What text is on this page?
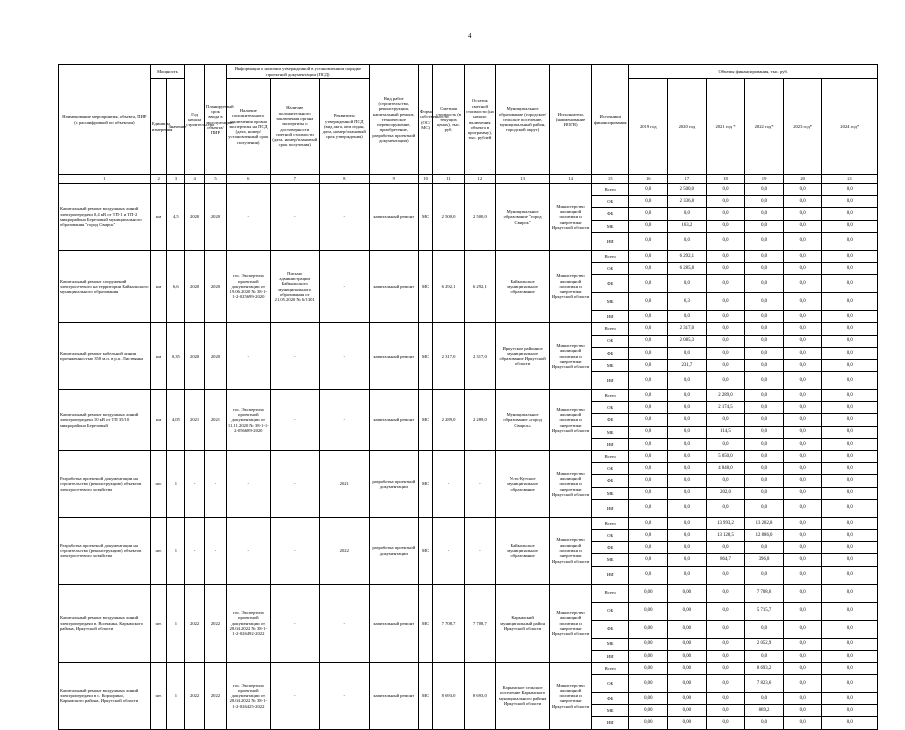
4
Наименование мероприятия, объекта, ПИР (с расшифровкой по объектам)	Мощность		Год начала строительства	Планируемый срок ввода в эксплуатацию объекта/ПИР	Информация о наличии утвержденной в установленном порядке проектной документации (ПСД)			Вид работ (строительство, реконструкция, капитальный ремонт, техническое перевооружение, приобретение, разработка проектной документации)	Форма собственности (ОС/МС)	Сметная стоимость (в текущих ценах), тыс. руб.	Остаток сметной стоимости (на начало включения объекта в программу), тыс. рублей	Муниципальное образование (городское/сельское поселение, муниципальный район, городской округ)	Исполнитель (наименование ИОГВ)	Источники финансирования	Объемы финансирования, тыс. руб.					
	Единицы измерения	Значение			Наличие положительного заключения органа экспертизы на ПСД (дата, номер/установленный срок получения)	Наличие положительного заключения органа экспертизы о достоверности сметной стоимости (дата, номер/плановый срок получения)	Реквизиты утвержденной ПСД (вид акта, кем издан, дата, номер/плановый срок утверждения)								2019 год	2020 год	2021 год *	2022 год*	2023 год*	2024 год*

1	2	3	4	5	6	7	8	9	10	11	12	13	14	15	16	17	18	19	20	21
Капитальный ремонт воздушных линий электропередачи 0,4 кВ от ТП-1 и ТП-2 микрорайона Березовый муниципального образования "город Свирск"	км	4,5	2020	2020	-	-	-	капитальный ремонт	МС	2 500,0	2 500,0	Муниципальное образование "город Свирск"	Министерство жилищной политики и энергетики Иркутской области	Всего	0,0	2 500,0	0,0	0,0	0,0	0,0
														ОБ	0,0	2 336,8	0,0	0,0	0,0	0,0
														ФБ	0,0	0,0	0,0	0,0	0,0	0,0
														МБ	0,0	163,2	0,0	0,0	0,0	0,0
														ИИ	0,0	0,0	0,0	0,0	0,0	0,0
Капитальный ремонт сооружений электросетевого на территории Байкальского муниципального образования	км	6,6	2020	2020	гос. Экспертиза проектной документации от 19.06.2020 № 38-1-1-2-025699-2020	Письмо администрации Байкальского муниципального образования от 21.05.2020 № 6/1301	-	капитальный ремонт	МС	6 292,1	6 292,1	Байкальское муниципальное образование	Министерство жилищной политики и энергетики Иркутской области	Всего	0,0	6 292,1	0,0	0,0	0,0	0,0
														ОБ	0,0	6 285,8	0,0	0,0	0,0	0,0
														ФБ	0,0	0,0	0,0	0,0	0,0	0,0
														МБ	0,0	6,3	0,0	0,0	0,0	0,0
														ИИ	0,0	0,0	0,0	0,0	0,0	0,0
Капитальный ремонт кабельной линии протяженностью 350 м.п. в р.п. Листвянка	км	0,35	2020	2020	-	-	-	капитальный ремонт	МС	2 317,0	2 317,0	Иркутское районное муниципальное образование Иркутской области	Министерство жилищной политики и энергетики Иркутской области	Всего	0,0	2 317,0	0,0	0,0	0,0	0,0
														ОБ	0,0	2 085,3	0,0	0,0	0,0	0,0
														ФБ	0,0	0,0	0,0	0,0	0,0	0,0
														МБ	0,0	231,7	0,0	0,0	0,0	0,0
														ИИ	0,0	0,0	0,0	0,0	0,0	0,0
Капитальный ремонт воздушных линий электропередачи 10 кВ от ТП 35/10 микрорайона Березовый	км	4,05	2021	2021	гос. Экспертиза проектной документации от 11.11.2020 № 38-1-1-2-056689-2020	-	-	капитальный ремонт	МС	2 289,0	2 289,0	Муниципальное образование «город Свирск»	Министерство жилищной политики и энергетики Иркутской области	Всего	0,0	0,0	2 289,0	0,0	0,0	0,0
														ОБ	0,0	0,0	2 174,5	0,0	0,0	0,0
														ФБ	0,0	0,0	0,0	0,0	0,0	0,0
														МБ	0,0	0,0	114,5	0,0	0,0	0,0
														ИИ	0,0	0,0	0,0	0,0	0,0	0,0
Разработка проектной документации на строительство (реконструкцию) объектов электросетевого хозяйства	шт.	1	-	-	-	-	2021	разработка проектной документации	МС	-	-	Усть-Кутское муниципальное образование	Министерство жилищной политики и энергетики Иркутской области	Всего	0,0	0,0	5 050,0	0,0	0,0	0,0
														ОБ	0,0	0,0	4 848,0	0,0	0,0	0,0
														ФБ	0,0	0,0	0,0	0,0	0,0	0,0
														МБ	0,0	0,0	202,0	0,0	0,0	0,0
														ИИ	0,0	0,0	0,0	0,0	0,0	0,0
Разработка проектной документации на строительство (реконструкцию) объектов электросетевого хозяйства	шт.	1	-	-	-	-	2022	разработка проектной документации	МС	-	-	Байкальское муниципальное образование	Министерство жилищной политики и энергетики Иркутской области	Всего	0,0	0,0	13 993,2	13 282,8	0,0	0,0
														ОБ	0,0	0,0	13 128,5	12 886,0	0,0	0,0
														ФБ	0,0	0,0	0,0	0,0	0,0	0,0
														МБ	0,0	0,0	864,7	396,8	0,0	0,0
														ИИ	0,0	0,0	0,0	0,0	0,0	0,0
Капитальный ремонт воздушных линий электропередачи в. Волчанка, Карымского района, Иркутской области	шт.	1	2022	2022	гос. Экспертиза проектной документации от 28.04.2022 № 38-1-1-2-026492-2022	-	-	капитальный ремонт	МС	7 708,7	7 708,7	Карымский муниципальный район Иркутской области	Министерство жилищной политики и энергетики Иркутской области	Всего	0,00	0,00	0,0	7 708,6	0,0	0,0
														ОБ	0,00	0,00	0,0	5 715,7	0,0	0,0
														ФБ	0,00	0,00	0,0	0,0	0,0	0,0
														МБ	0,00	0,00	0,0	2 052,9	0,0	0,0
														ИИ	0,00	0,00	0,0	0,0	0,0	0,0
Капитальный ремонт воздушных линий электропередачи в с. Корхорино, Карымского района, Иркутской области	шт.	1	2022	2022	гос. Экспертиза проектной документации от 28.04.2022 № 38-1-1-2-026425-2022	-	-	капитальный ремонт	МС	8 693,0	8 693,0	Карымское сельское поселение Карымского муниципального района Иркутской области	Министерство жилищной политики и энергетики Иркутской области	Всего	0,00	0,00	0,0	8 693,2	0,0	0,0
														ОБ	0,00	0,00	0,0	7 823,6	0,0	0,0
														ФБ	0,00	0,00	0,0	0,0	0,0	0,0
														МБ	0,00	0,00	0,0	869,2	0,0	0,0
														ИИ	0,00	0,00	0,0	0,0	0,0	0,0
